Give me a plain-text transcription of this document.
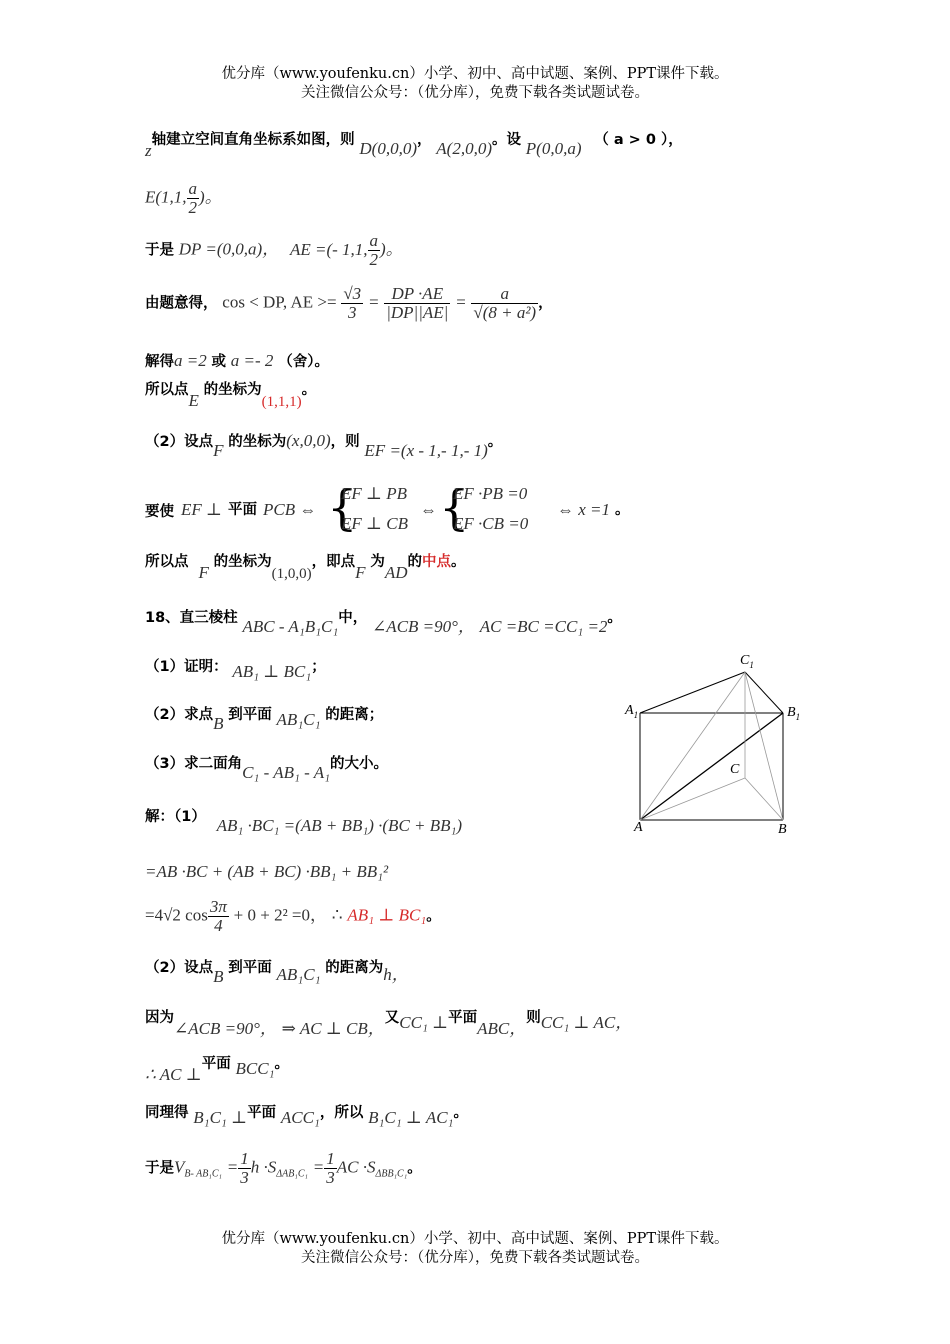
优分库（www.youfenku.cn）小学、初中、高中试题、案例、PPT课件下载。
关注微信公众号：（优分库），免费下载各类试题试卷。
z轴建立空间直角坐标系如图，则 D(0,0,0)， A(2,0,0)。设 P(0,0,a) （ a > 0 ），
E(1,1, $\frac{a}{2}$ )。
于是 DP =(0,0,a)， AE =(- 1,1, $\frac{a}{2}$ )。
由题意得， cos < DP, AE >= $\frac{√3}{3} = \frac{DP \cdot AE}{|DP||AE|} = \frac{a}{\text{√(8 + a²)}}$ ，
解得a =2 或 a =- 2 （舍）。
所以点E 的坐标为(1,1,1)。
（2）设点F 的坐标为(x,0,0)，则 EF =(x - 1,- 1,- 1)。
要使 EF ⊥ 平面 PCB ⇔ {
EF ⊥ PB
EF ⊥ CB
⇔ {
EF ·PB =0
EF ·CB =0
⇔ x =1 。
所以点F 的坐标为(1,0,0)，即点F 为AD的中点。
18、直三棱柱 ABC - A₁B₁C₁中， ∠ACB =90°， AC =BC =CC₁ =2。
（1）证明： AB₁ ⊥ BC₁；
（2）求点B 到平面 AB₁C₁ 的距离；
（3）求二面角C₁ - AB₁ - A₁的大小。
解：（1） AB₁ ·BC₁ =(AB + BB₁) ·(BC + BB₁)
=AB ·BC + (AB + BC) ·BB₁ + BB₁²
=4√2 $\cos \frac{3\pi}{4} + 0 + 2^2 =0$， ∴ AB₁ ⊥ BC₁。
（2）设点B 到平面 AB₁C₁ 的距离为h，
因为∠ACB =90°， ⇒ AC ⊥ CB，又CC₁ ⊥平面ABC，则CC₁ ⊥ AC，
∴ AC ⊥平面 BCC₁。
同理得 B₁C₁ ⊥平面 ACC₁，所以 B₁C₁ ⊥ AC₁。
于是$V_{B- AB_1C_1} = \frac{1}{3}$ $h \cdot S_{\Delta AB_1C_1} = \frac{1}{3}$ AC $\cdot S_{\Delta BB_1C_1}$。
$C_1$
$A_1$	$B_1$
C
A	B
优分库（www.youfenku.cn）小学、初中、高中试题、案例、PPT课件下载。
关注微信公众号：（优分库），免费下载各类试题试卷。
